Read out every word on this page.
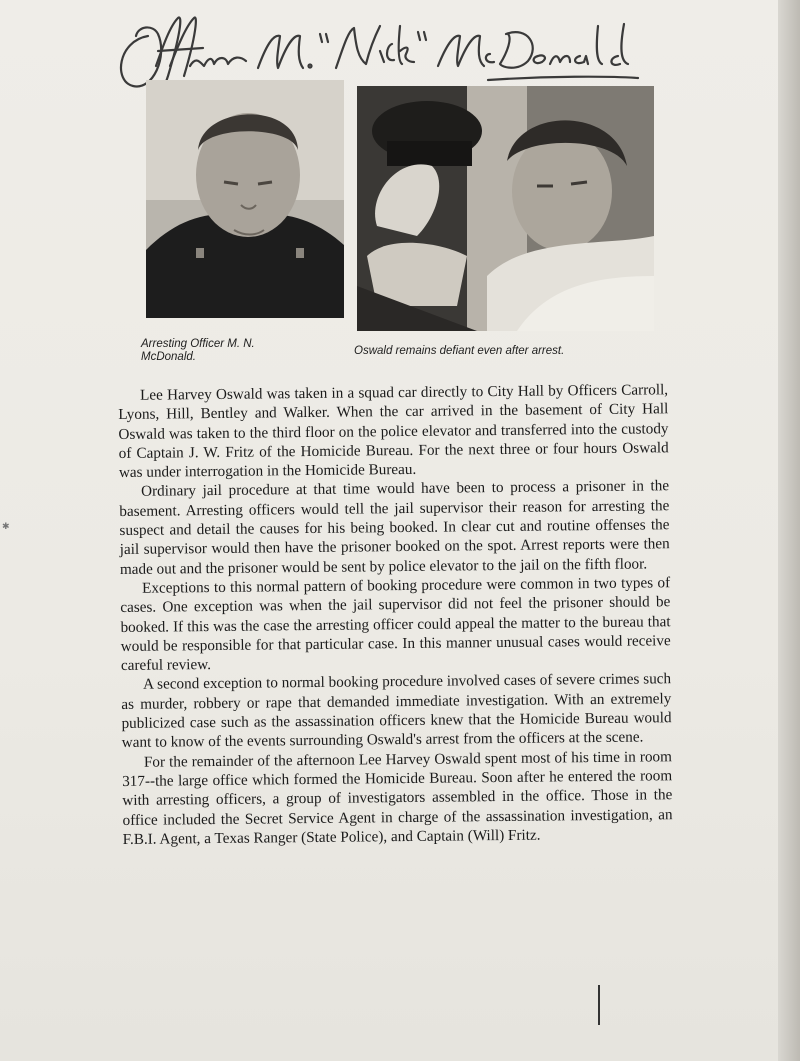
Arresting Officer M. N. McDonald.	Oswald remains defiant even after arrest.

Lee Harvey Oswald was taken in a squad car directly to City Hall by Officers Carroll, Lyons, Hill, Bentley and Walker. When the car arrived in the basement of City Hall Oswald was taken to the third floor on the police elevator and transferred into the custody of Captain J. W. Fritz of the Homicide Bureau. For the next three or four hours Oswald was under interrogation in the Homicide Bureau.

Ordinary jail procedure at that time would have been to process a prisoner in the basement. Arresting officers would tell the jail supervisor their reason for arresting the suspect and detail the causes for his being booked. In clear cut and routine offenses the jail supervisor would then have the prisoner booked on the spot. Arrest reports were then made out and the prisoner would be sent by police elevator to the jail on the fifth floor.

Exceptions to this normal pattern of booking procedure were common in two types of cases. One exception was when the jail supervisor did not feel the prisoner should be booked. If this was the case the arresting officer could appeal the matter to the bureau that would be responsible for that particular case. In this manner unusual cases would receive careful review.

A second exception to normal booking procedure involved cases of severe crimes such as murder, robbery or rape that demanded immediate investigation. With an extremely publicized case such as the assassination officers knew that the Homicide Bureau would want to know of the events surrounding Oswald's arrest from the officers at the scene.

For the remainder of the afternoon Lee Harvey Oswald spent most of his time in room 317--the large office which formed the Homicide Bureau. Soon after he entered the room with arresting officers, a group of investigators assembled in the office. Those in the office included the Secret Service Agent in charge of the assassination investigation, an F.B.I. Agent, a Texas Ranger (State Police), and Captain (Will) Fritz.

✱
